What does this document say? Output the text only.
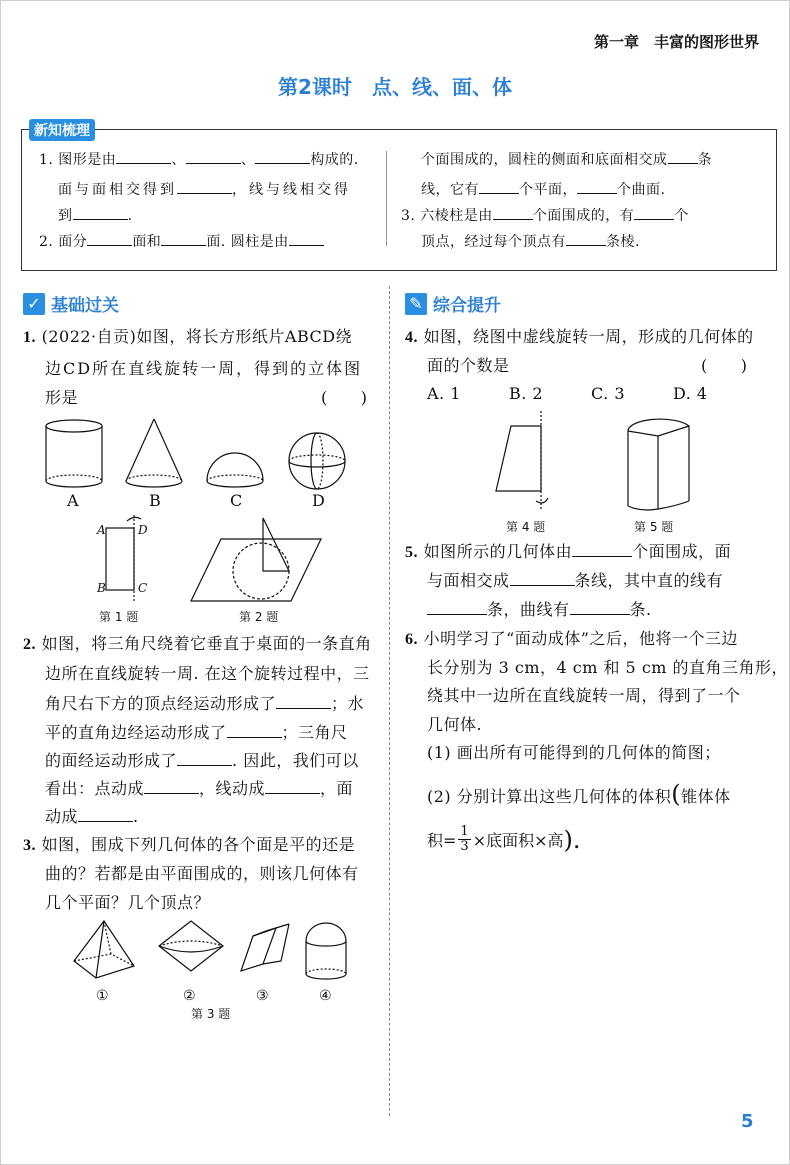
第一章　丰富的图形世界
第2课时　点、线、面、体
新知梳理
1. 图形是由	、	、	构成的.
面与面相交得到	，线与线相交得
到	.
2. 面分	面和	面. 圆柱是由
个面围成的，圆柱的侧面和底面相交成 条
线，它有	个平面，	个曲面.
3. 六棱柱是由	个面围成的，有	个
顶点，经过每个顶点有	条棱.
✓ 基础过关
1. (2022·自贡)如图，将长方形纸片ABCD绕
边CD所在直线旋转一周，得到的立体图
形是	(　　)
A	B	C	D
A	D
B	C
第 1 题	第 2 题
2. 如图，将三角尺绕着它垂直于桌面的一条直角
边所在直线旋转一周. 在这个旋转过程中，三
角尺右下方的顶点经运动形成了	；水
平的直角边经运动形成了	；三角尺
的面经运动形成了	. 因此，我们可以
看出：点动成	，线动成	，面
动成	.
3. 如图，围成下列几何体的各个面是平的还是
曲的？若都是由平面围成的，则该几何体有
几个平面？几个顶点？
①	②	③	④
第 3 题
✎ 综合提升
4. 如图，绕图中虚线旋转一周，形成的几何体的
面的个数是	(　　)
A. 1	B. 2	C. 3	D. 4
第 4 题	第 5 题
5. 如图所示的几何体由	个面围成，面
与面相交成	条线，其中直的线有
条，曲线有	条.
6. 小明学习了“面动成体”之后，他将一个三边
长分别为 3 cm，4 cm 和 5 cm 的直角三角形，
绕其中一边所在直线旋转一周，得到了一个
几何体.
(1) 画出所有可能得到的几何体的简图；
(2) 分别计算出这些几何体的体积(锥体体
积= $\frac{1}{3}$ ×底面积×高 ).
5
